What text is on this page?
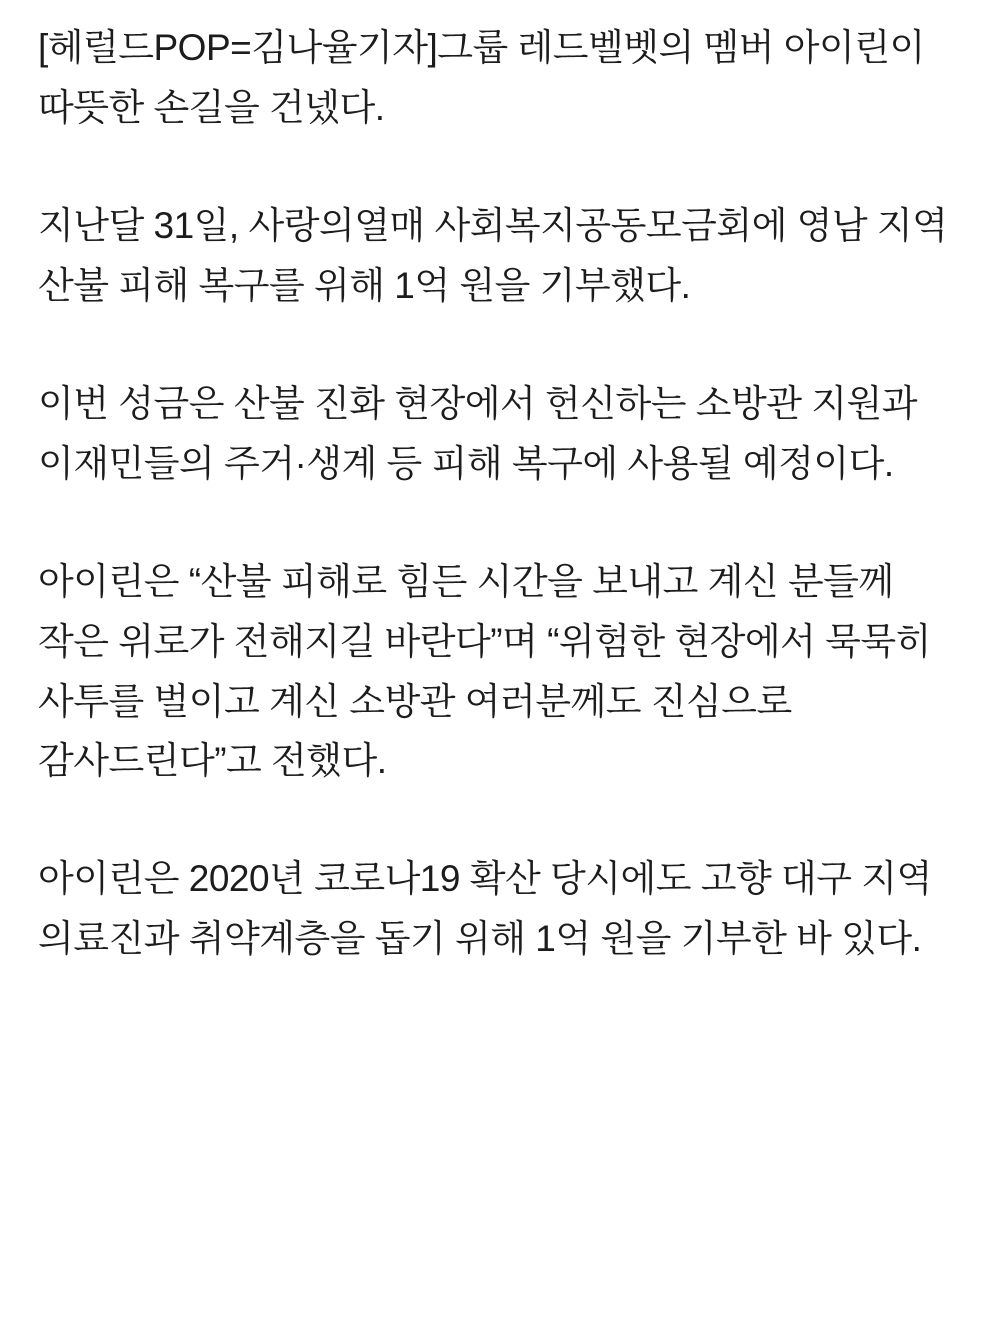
[헤럴드POP=김나율기자]그룹 레드벨벳의 멤버 아이린이 따뜻한 손길을 건넸다.

지난달 31일, 사랑의열매 사회복지공동모금회에 영남 지역 산불 피해 복구를 위해 1억 원을 기부했다.

이번 성금은 산불 진화 현장에서 헌신하는 소방관 지원과 이재민들의 주거·생계 등 피해 복구에 사용될 예정이다.

아이린은 “산불 피해로 힘든 시간을 보내고 계신 분들께 작은 위로가 전해지길 바란다”며 “위험한 현장에서 묵묵히 사투를 벌이고 계신 소방관 여러분께도 진심으로 감사드린다”고 전했다.

아이린은 2020년 코로나19 확산 당시에도 고향 대구 지역 의료진과 취약계층을 돕기 위해 1억 원을 기부한 바 있다.
